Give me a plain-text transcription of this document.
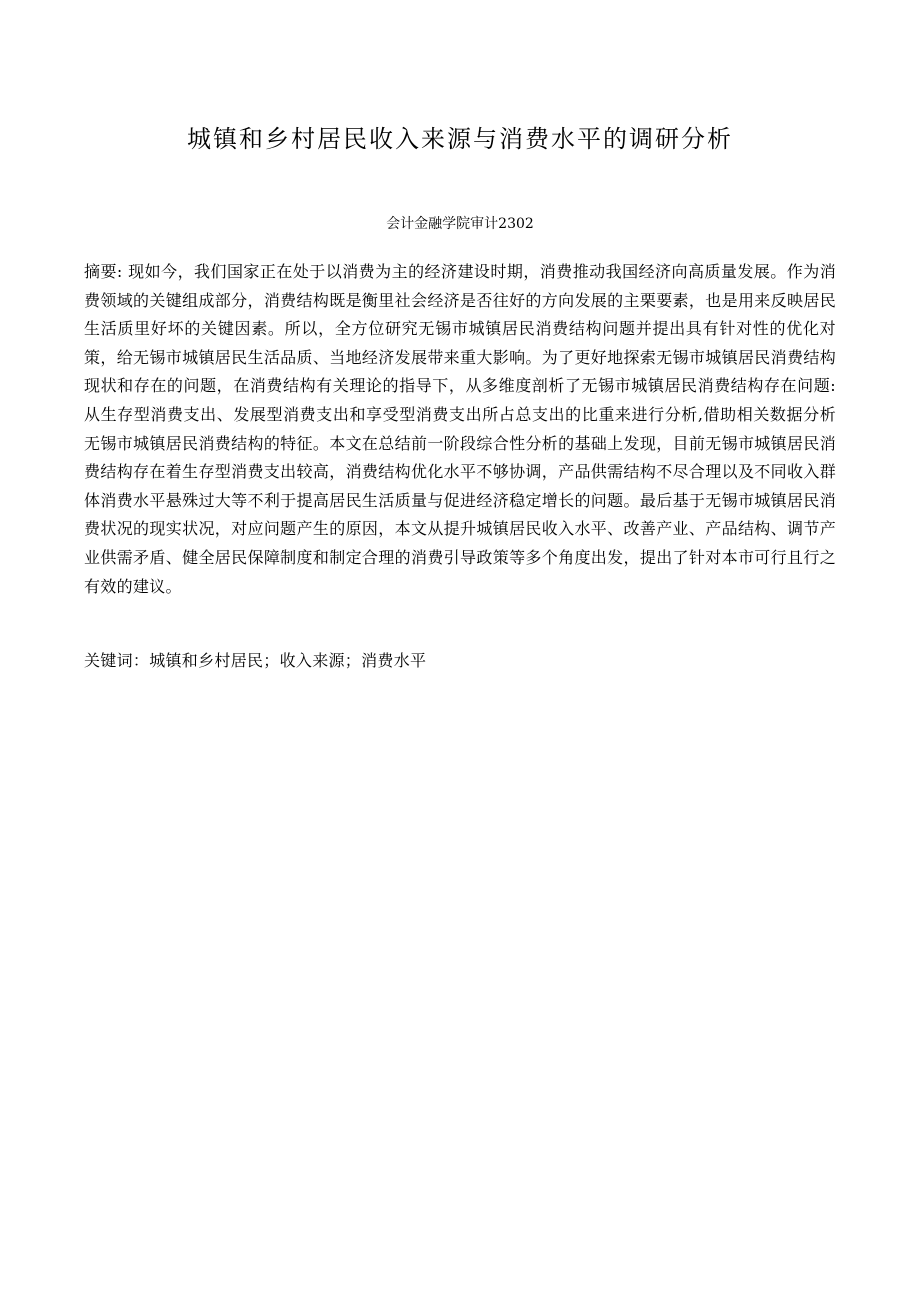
城镇和乡村居民收入来源与消费水平的调研分析
会计金融学院审计2302
摘要: 现如今，我们国家正在处于以消费为主的经济建设时期，消费推动我国经济向高质量发展。作为消费领域的关键组成部分，消费结构既是衡里社会经济是否往好的方向发展的主栗要素，也是用来反映居民生活质里好坏的关键因素。所以，全方位研究无锡市城镇居民消费结构问题并提出具有针对性的优化对策，给无锡市城镇居民生活品质、当地经济发展带来重大影响。为了更好地探索无锡市城镇居民消费结构现状和存在的问题，在消费结构有关理论的指导下，从多维度剖析了无锡市城镇居民消费结构存在问题:从生存型消费支出、发展型消费支出和享受型消费支出所占总支出的比重来进行分析,借助相关数据分析无锡市城镇居民消费结构的特征。本文在总结前一阶段综合性分析的基础上发现，目前无锡市城镇居民消费结构存在着生存型消费支出较高，消费结构优化水平不够协调，产品供需结构不尽合理以及不同收入群体消费水平悬殊过大等不利于提高居民生活质量与促进经济稳定增长的问题。最后基于无锡市城镇居民消费状况的现实状况，对应问题产生的原因，本文从提升城镇居民收入水平、改善产业、产品结构、调节产业供需矛盾、健全居民保障制度和制定合理的消费引导政策等多个角度出发，提出了针对本市可行且行之有效的建议。
关键词：城镇和乡村居民；收入来源；消费水平
